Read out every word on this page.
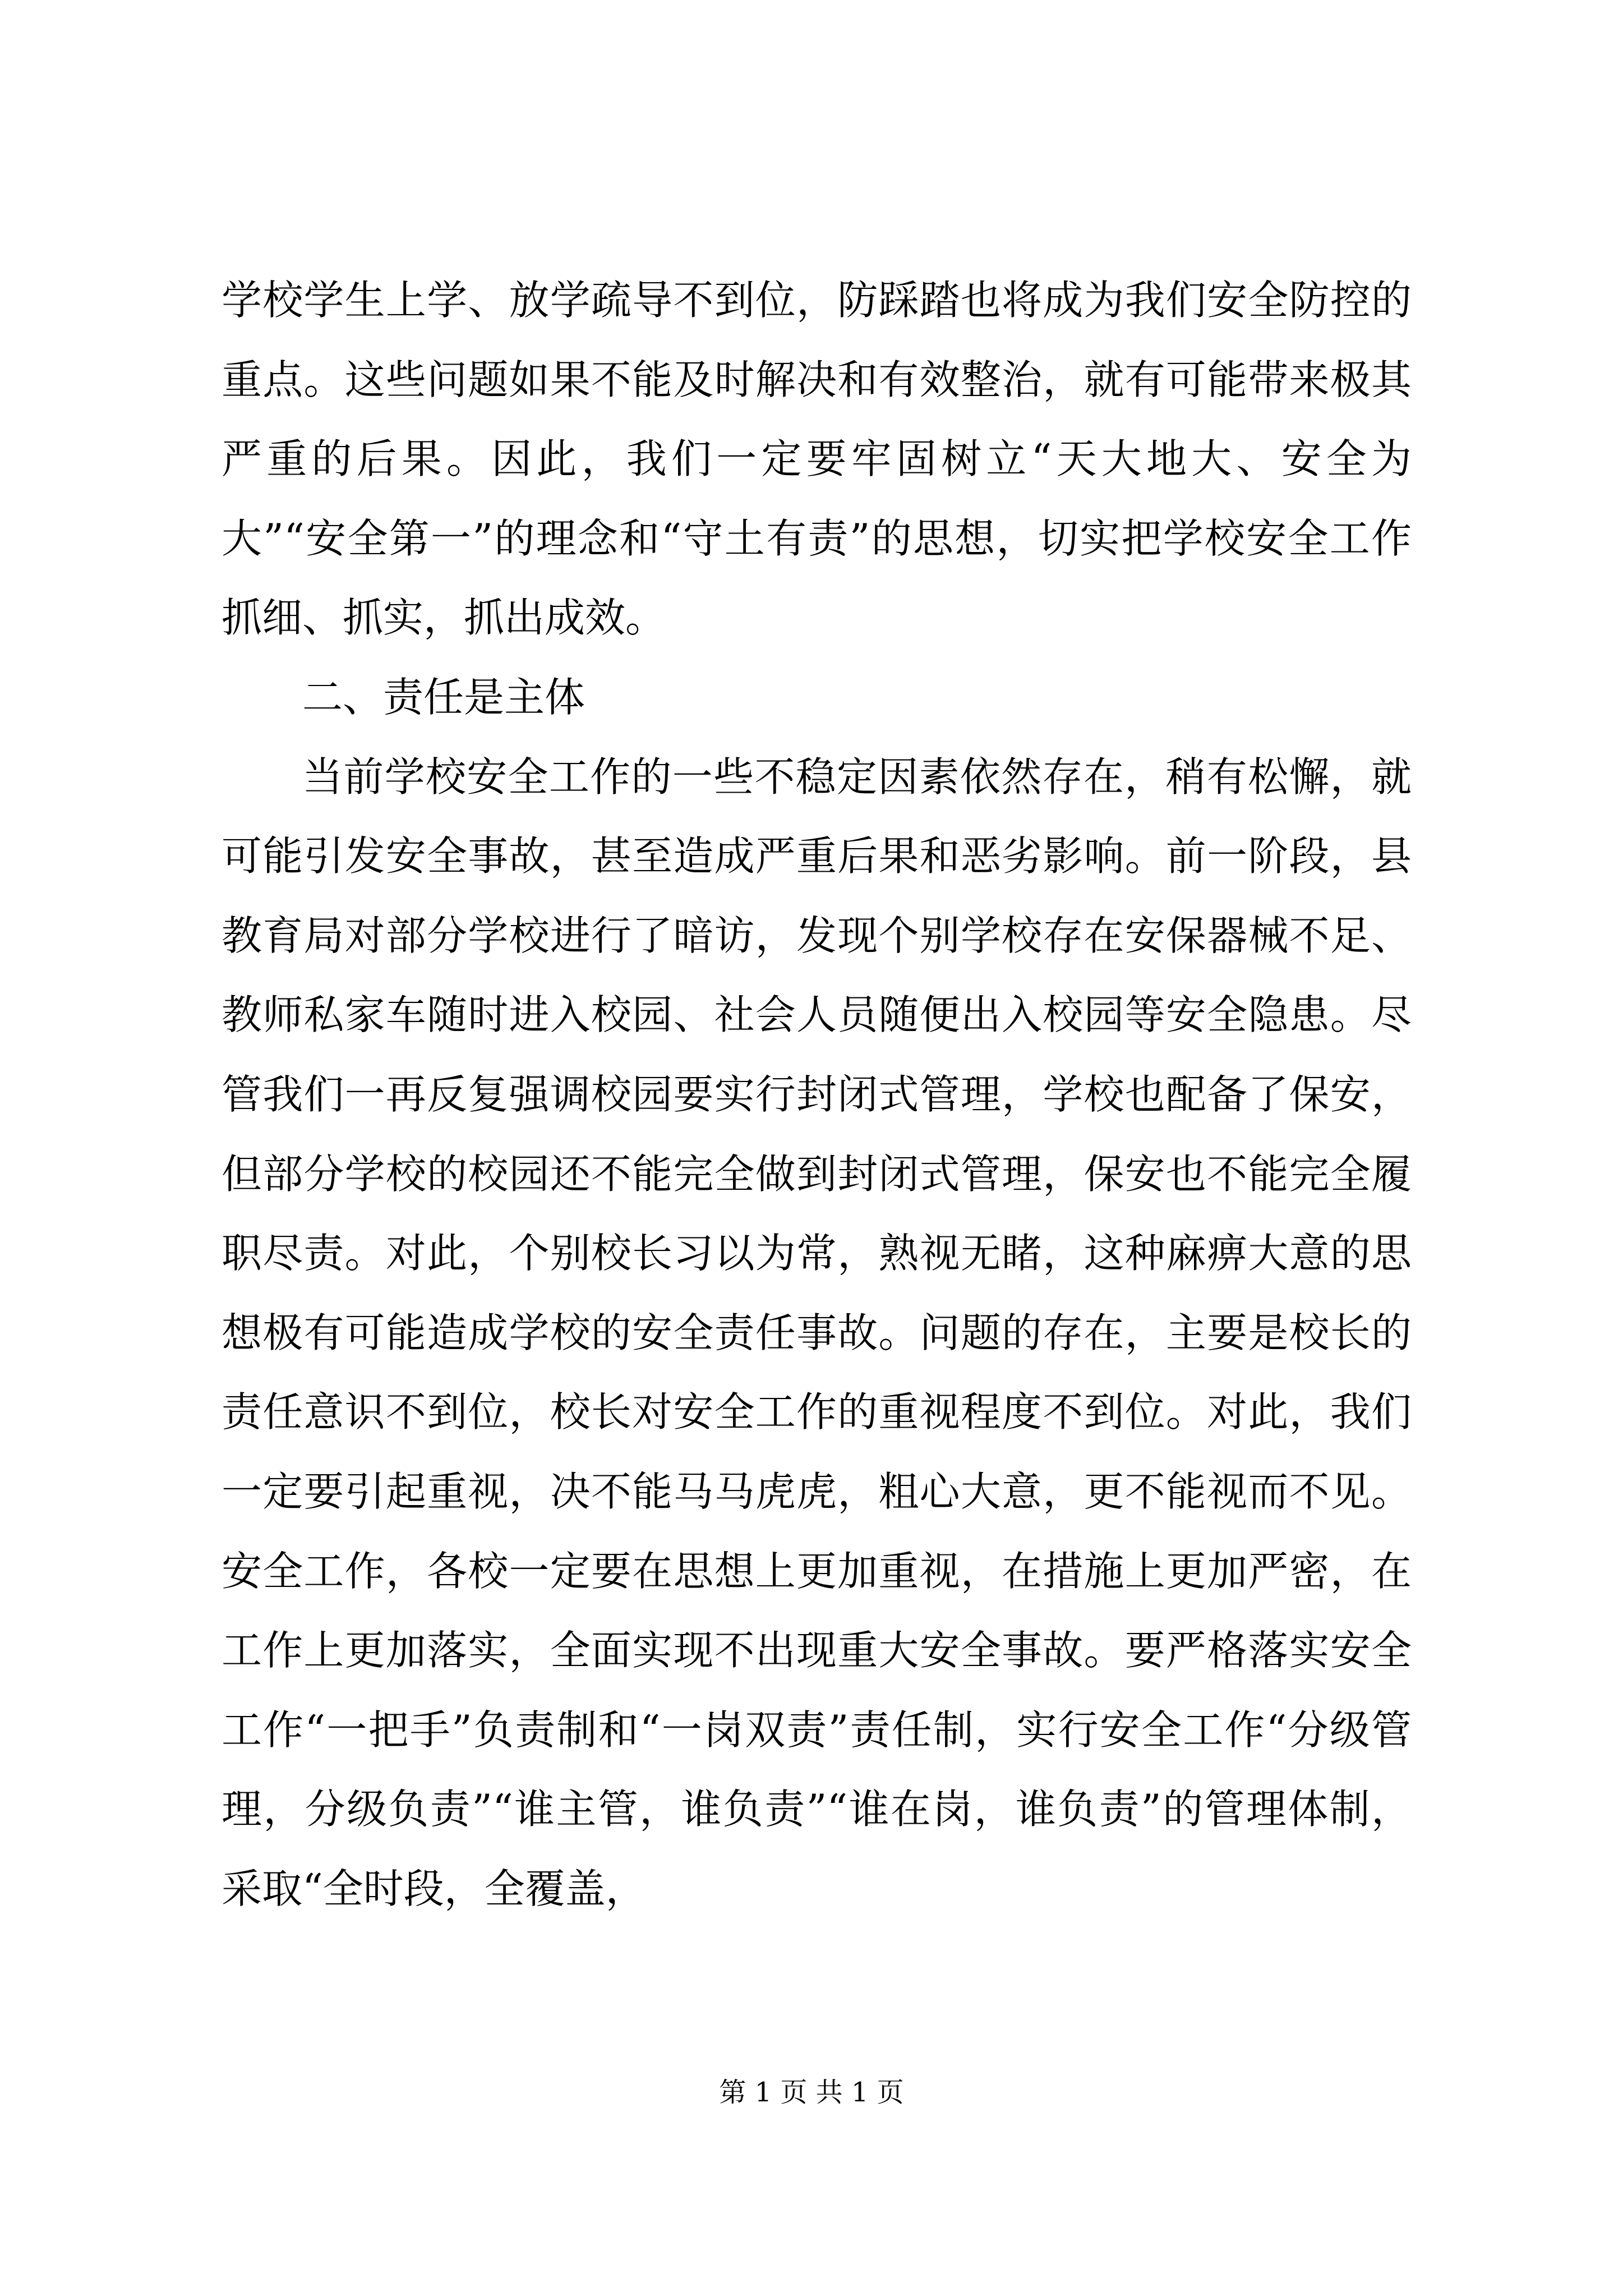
学校学生上学、放学疏导不到位，防踩踏也将成为我们安全防控的重点。这些问题如果不能及时解决和有效整治，就有可能带来极其严重的后果。因此，我们一定要牢固树立“天大地大、安全为大”“安全第一”的理念和“守土有责”的思想，切实把学校安全工作抓细、抓实，抓出成效。

二、责任是主体

当前学校安全工作的一些不稳定因素依然存在，稍有松懈，就可能引发安全事故，甚至造成严重后果和恶劣影响。前一阶段，县教育局对部分学校进行了暗访，发现个别学校存在安保器械不足、教师私家车随时进入校园、社会人员随便出入校园等安全隐患。尽管我们一再反复强调校园要实行封闭式管理，学校也配备了保安，但部分学校的校园还不能完全做到封闭式管理，保安也不能完全履职尽责。对此，个别校长习以为常，熟视无睹，这种麻痹大意的思想极有可能造成学校的安全责任事故。问题的存在，主要是校长的责任意识不到位，校长对安全工作的重视程度不到位。对此，我们一定要引起重视，决不能马马虎虎，粗心大意，更不能视而不见。安全工作，各校一定要在思想上更加重视，在措施上更加严密，在工作上更加落实，全面实现不出现重大安全事故。要严格落实安全工作“一把手”负责制和“一岗双责”责任制，实行安全工作“分级管理，分级负责”“谁主管，谁负责”“谁在岗，谁负责”的管理体制，采取“全时段，全覆盖，

第 1 页 共 1 页
